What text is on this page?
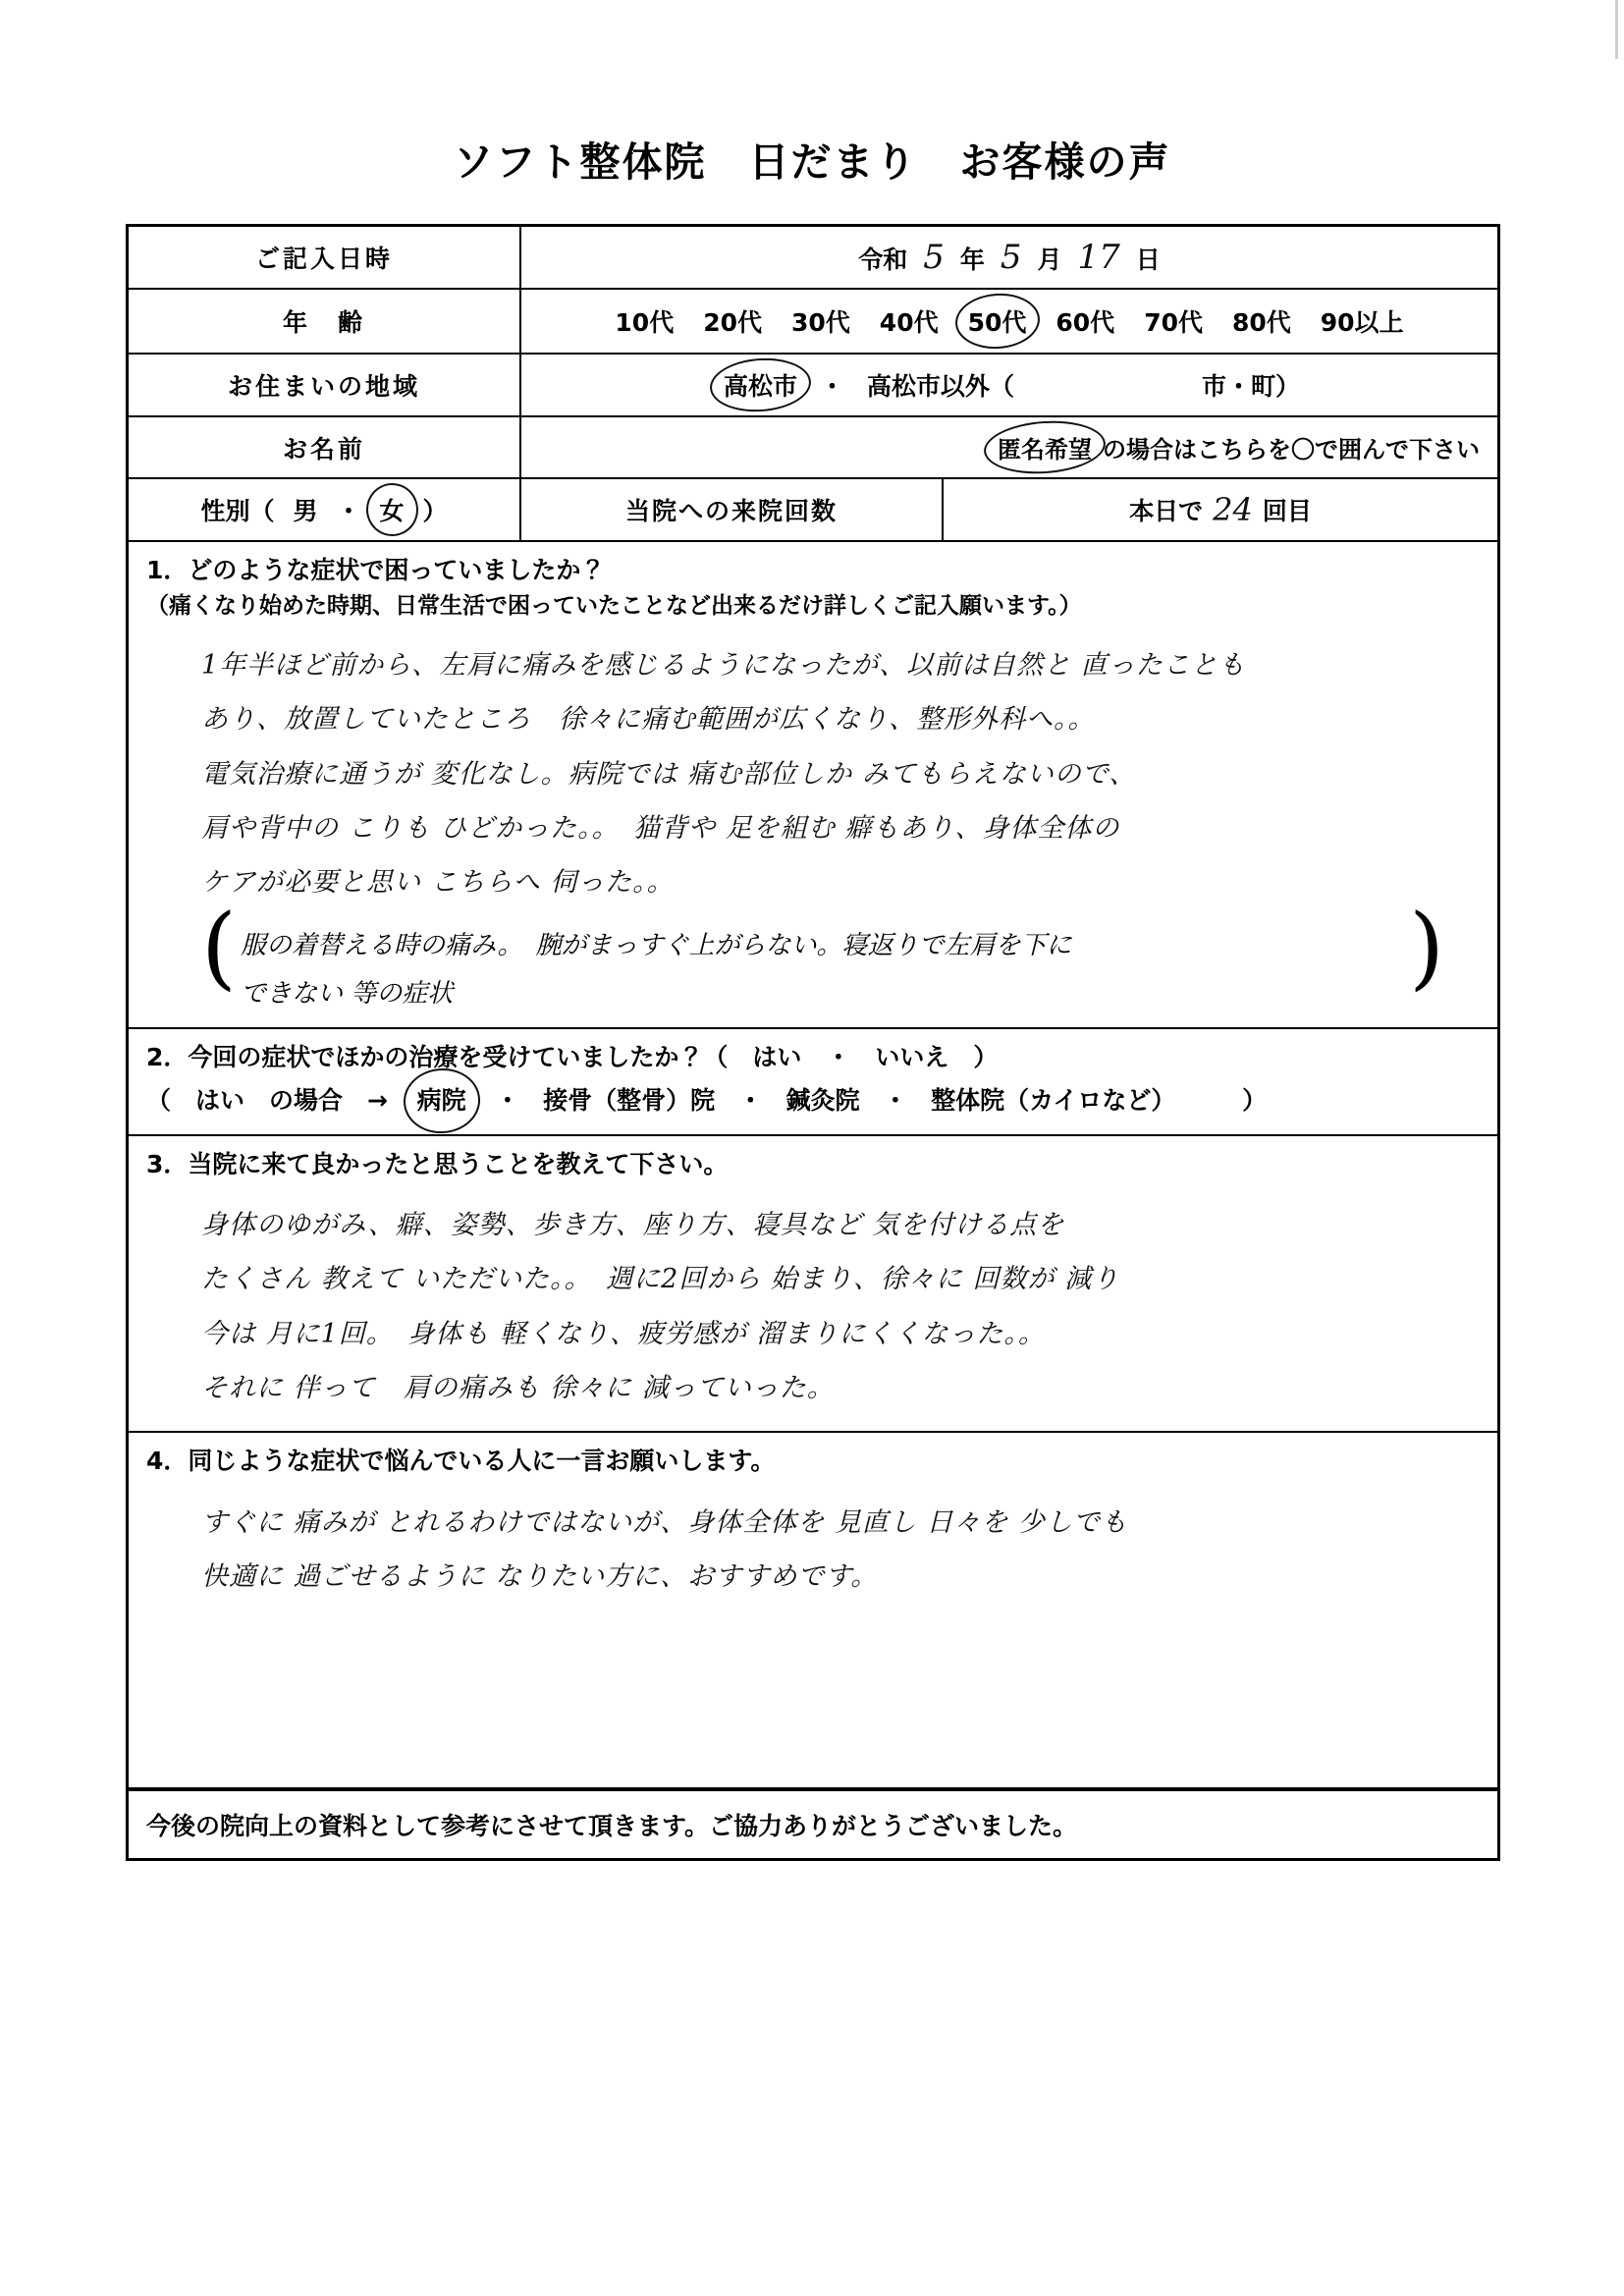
ソフト整体院　日だまり　お客様の声
ご記入日時	令和 5 年 5 月 17 日
年　齢	10代 20代 30代 40代 50代 60代 70代 80代 90以上
お住まいの地域	高松市 ・ 高松市以外（	市・町）
お名前	匿名希望 の場合はこちらを〇で囲んで下さい
性別（ 男 ・ 女 ）	当院への来院回数	本日で 24 回目
1．どのような症状で困っていましたか？
（痛くなり始めた時期、日常生活で困っていたことなど出来るだけ詳しくご記入願います。）
1年半ほど前から、左肩に痛みを感じるようになったが、以前は自然と 直ったことも
あり、放置していたところ　徐々に痛む範囲が広くなり、整形外科へ。。
電気治療に通うが 変化なし。病院では 痛む部位しか みてもらえないので、
肩や背中の こりも ひどかった。。　猫背や 足を組む 癖もあり、身体全体の
ケアが必要と思い こちらへ 伺った。。
(	)
服の着替える時の痛み。　腕がまっすぐ上がらない。寝返りで左肩を下に
できない 等の症状
2．今回の症状でほかの治療を受けていましたか？（　はい　・　いいえ　）
（　はい　の場合　→ 病院 ・ 接骨（整骨）院 ・ 鍼灸院 ・ 整体院（カイロなど）	）
3．当院に来て良かったと思うことを教えて下さい。
身体のゆがみ、癖、姿勢、歩き方、座り方、寝具など 気を付ける点を
たくさん 教えて いただいた。。　週に2回から 始まり、徐々に 回数が 減り
今は 月に1回。　身体も 軽くなり、疲労感が 溜まりにくくなった。。
それに 伴って　肩の痛みも 徐々に 減っていった。
4．同じような症状で悩んでいる人に一言お願いします。
すぐに 痛みが とれるわけではないが、身体全体を 見直し 日々を 少しでも
快適に 過ごせるように なりたい方に、おすすめです。
今後の院向上の資料として参考にさせて頂きます。ご協力ありがとうございました。
